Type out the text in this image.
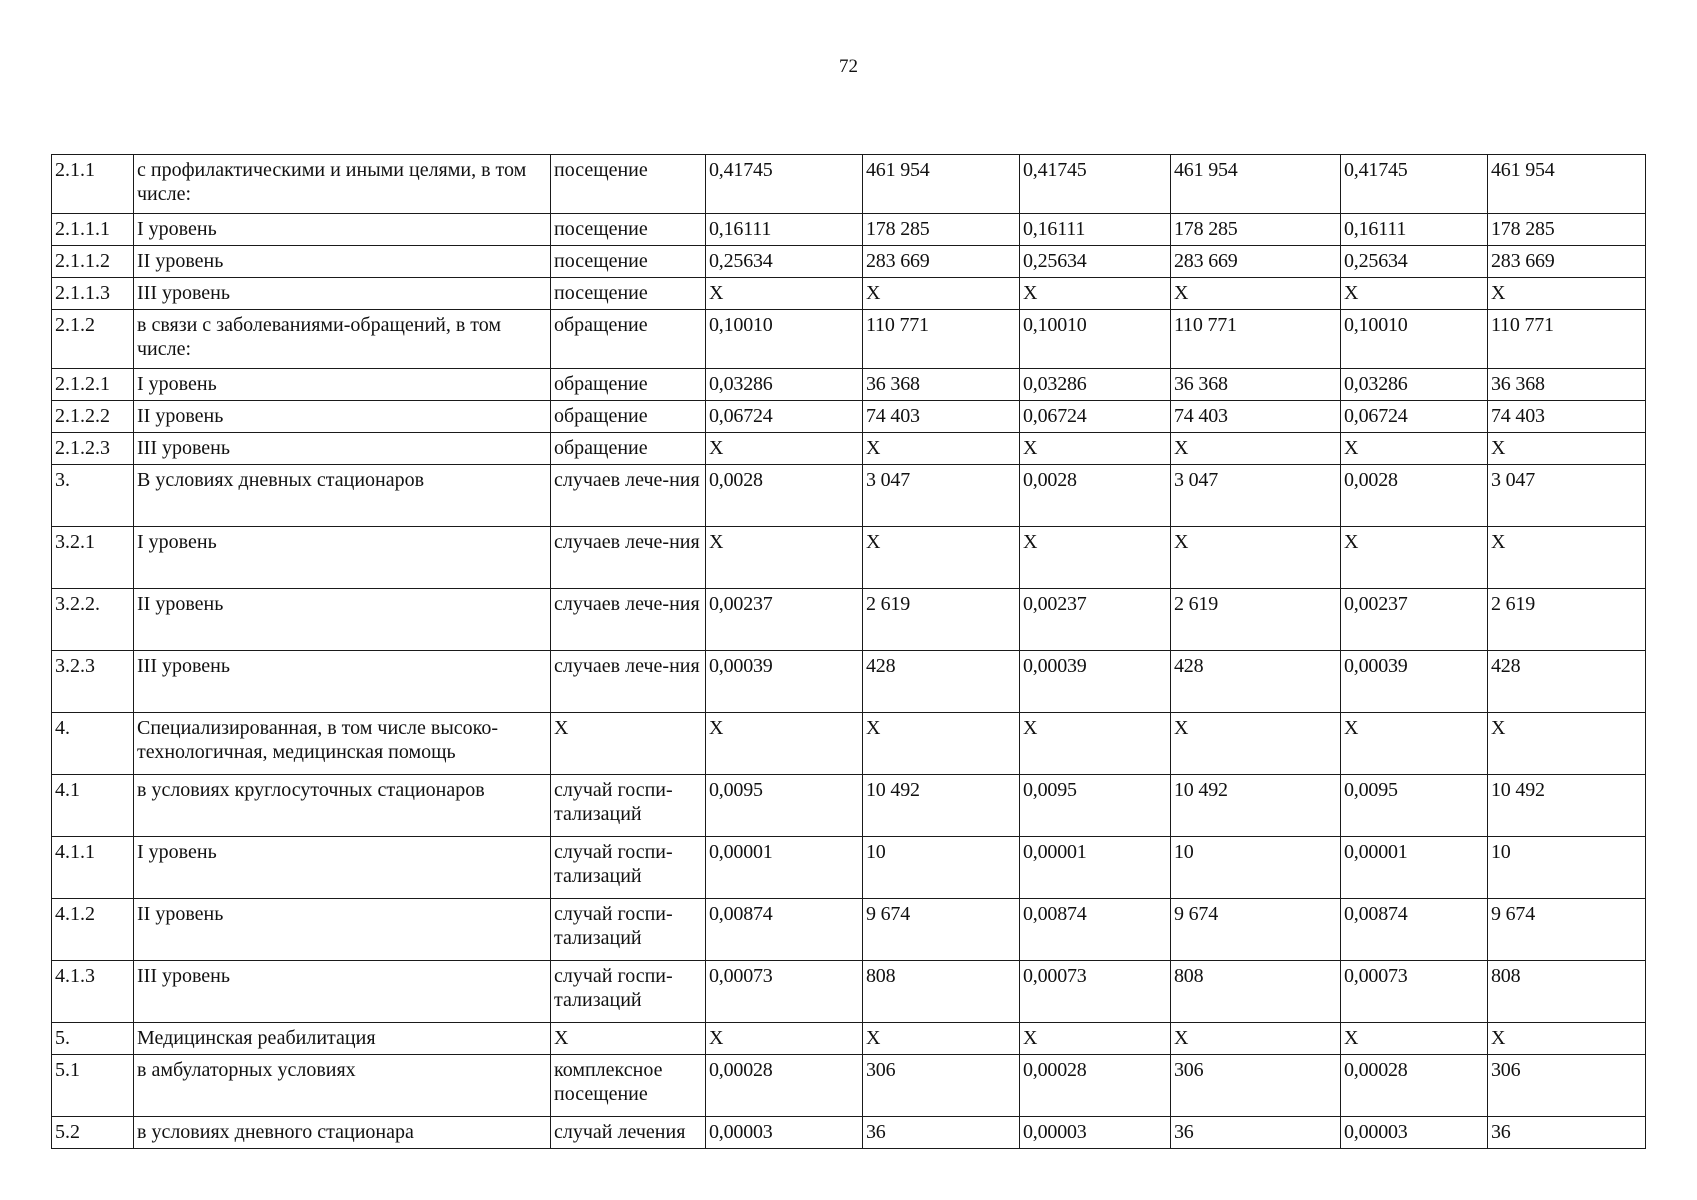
72
2.1.1	с профилактическими и иными целями, в том числе:	посещение	0,41745	461 954	0,41745	461 954	0,41745	461 954
2.1.1.1	I уровень	посещение	0,16111	178 285	0,16111	178 285	0,16111	178 285
2.1.1.2	II уровень	посещение	0,25634	283 669	0,25634	283 669	0,25634	283 669
2.1.1.3	III уровень	посещение	X	X	X	X	X	X
2.1.2	в связи с заболеваниями-обращений, в том числе:	обращение	0,10010	110 771	0,10010	110 771	0,10010	110 771
2.1.2.1	I уровень	обращение	0,03286	36 368	0,03286	36 368	0,03286	36 368
2.1.2.2	II уровень	обращение	0,06724	74 403	0,06724	74 403	0,06724	74 403
2.1.2.3	III уровень	обращение	X	X	X	X	X	X
3.	В условиях дневных стационаров	случаев лече-ния	0,0028	3 047	0,0028	3 047	0,0028	3 047
3.2.1	I уровень	случаев лече-ния	X	X	X	X	X	X
3.2.2.	II уровень	случаев лече-ния	0,00237	2 619	0,00237	2 619	0,00237	2 619
3.2.3	III уровень	случаев лече-ния	0,00039	428	0,00039	428	0,00039	428
4.	Специализированная, в том числе высоко-технологичная, медицинская помощь	X	X	X	X	X	X	X
4.1	в условиях круглосуточных стационаров	случай госпи-тализаций	0,0095	10 492	0,0095	10 492	0,0095	10 492
4.1.1	I уровень	случай госпи-тализаций	0,00001	10	0,00001	10	0,00001	10
4.1.2	II уровень	случай госпи-тализаций	0,00874	9 674	0,00874	9 674	0,00874	9 674
4.1.3	III уровень	случай госпи-тализаций	0,00073	808	0,00073	808	0,00073	808
5.	Медицинская реабилитация	X	X	X	X	X	X	X
5.1	в амбулаторных условиях	комплексное посещение	0,00028	306	0,00028	306	0,00028	306
5.2	в условиях дневного стационара	случай лечения	0,00003	36	0,00003	36	0,00003	36
